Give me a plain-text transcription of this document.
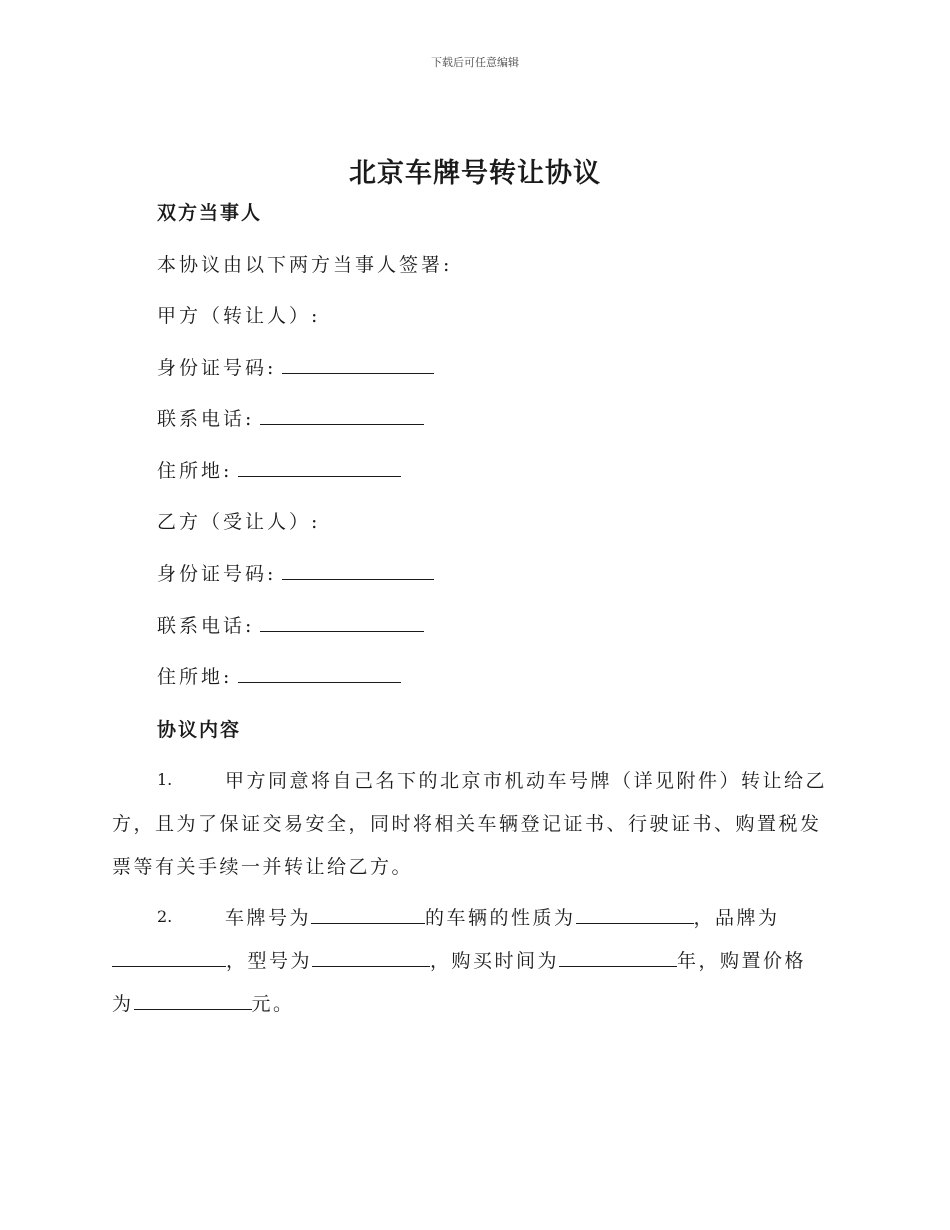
下载后可任意编辑
北京车牌号转让协议
双方当事人
本协议由以下两方当事人签署:
甲方（转让人）:
身份证号码:
联系电话:
住所地:
乙方（受让人）:
身份证号码:
联系电话:
住所地:
协议内容
1.	甲方同意将自己名下的北京市机动车号牌（详见附件）转让给乙
方，且为了保证交易安全，同时将相关车辆登记证书、行驶证书、购置税发
票等有关手续一并转让给乙方。
2.	车牌号为	的车辆的性质为	，品牌为
，型号为	，购买时间为	年，购置价格
为	元。
